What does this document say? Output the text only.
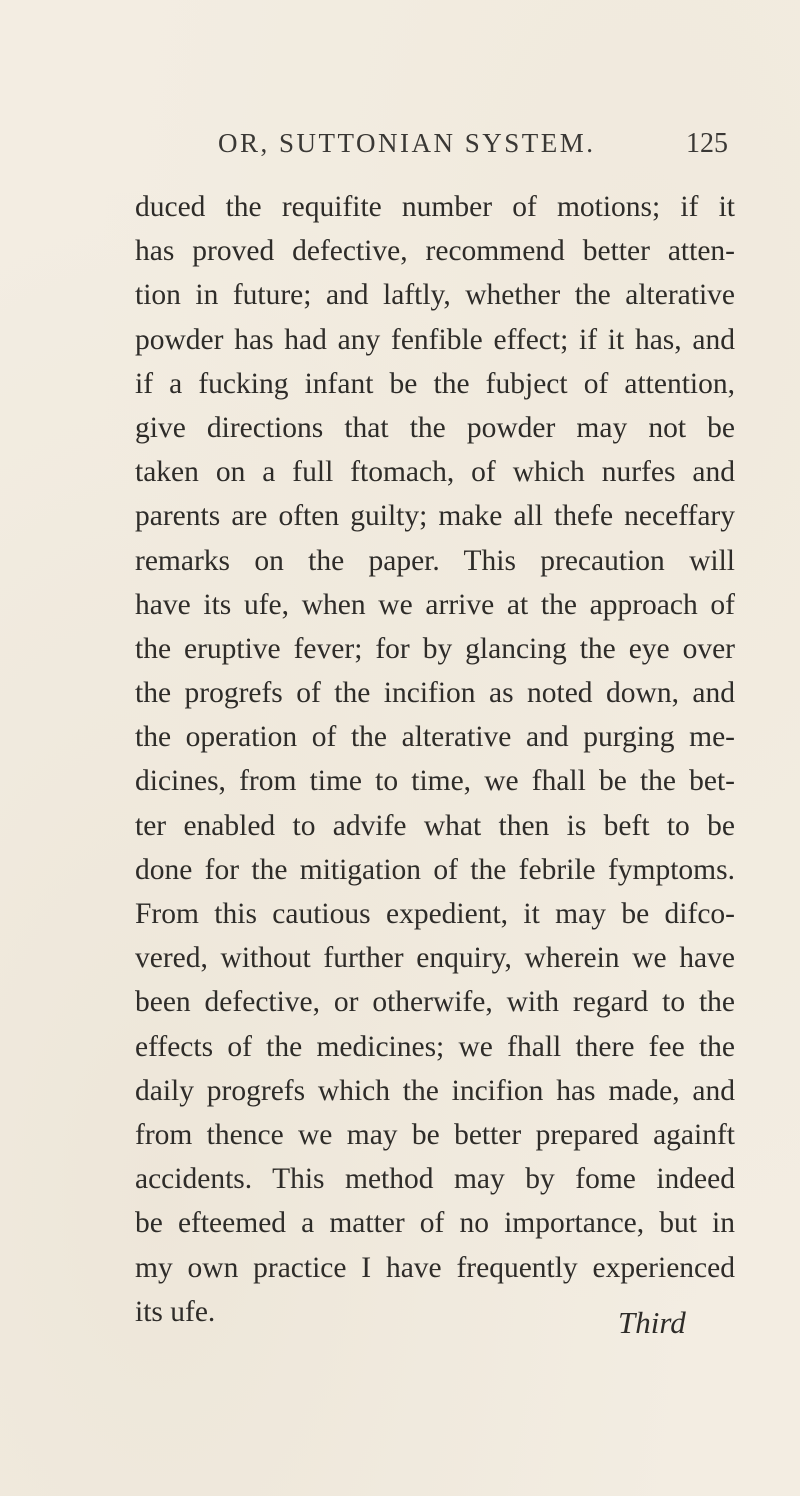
OR, SUTTONIAN SYSTEM.	125
duced the requifite number of motions; if it
has proved defective, recommend better atten-
tion in future; and laftly, whether the alterative
powder has had any fenfible effect; if it has, and
if a fucking infant be the fubject of attention,
give directions that the powder may not be
taken on a full ftomach, of which nurfes and
parents are often guilty; make all thefe neceffary
remarks on the paper. This precaution will
have its ufe, when we arrive at the approach of
the eruptive fever; for by glancing the eye over
the progrefs of the incifion as noted down, and
the operation of the alterative and purging me-
dicines, from time to time, we fhall be the bet-
ter enabled to advife what then is beft to be
done for the mitigation of the febrile fymptoms.
From this cautious expedient, it may be difco-
vered, without further enquiry, wherein we have
been defective, or otherwife, with regard to the
effects of the medicines; we fhall there fee the
daily progrefs which the incifion has made, and
from thence we may be better prepared againft
accidents. This method may by fome indeed
be efteemed a matter of no importance, but in
my own practice I have frequently experienced
its ufe.	Third
